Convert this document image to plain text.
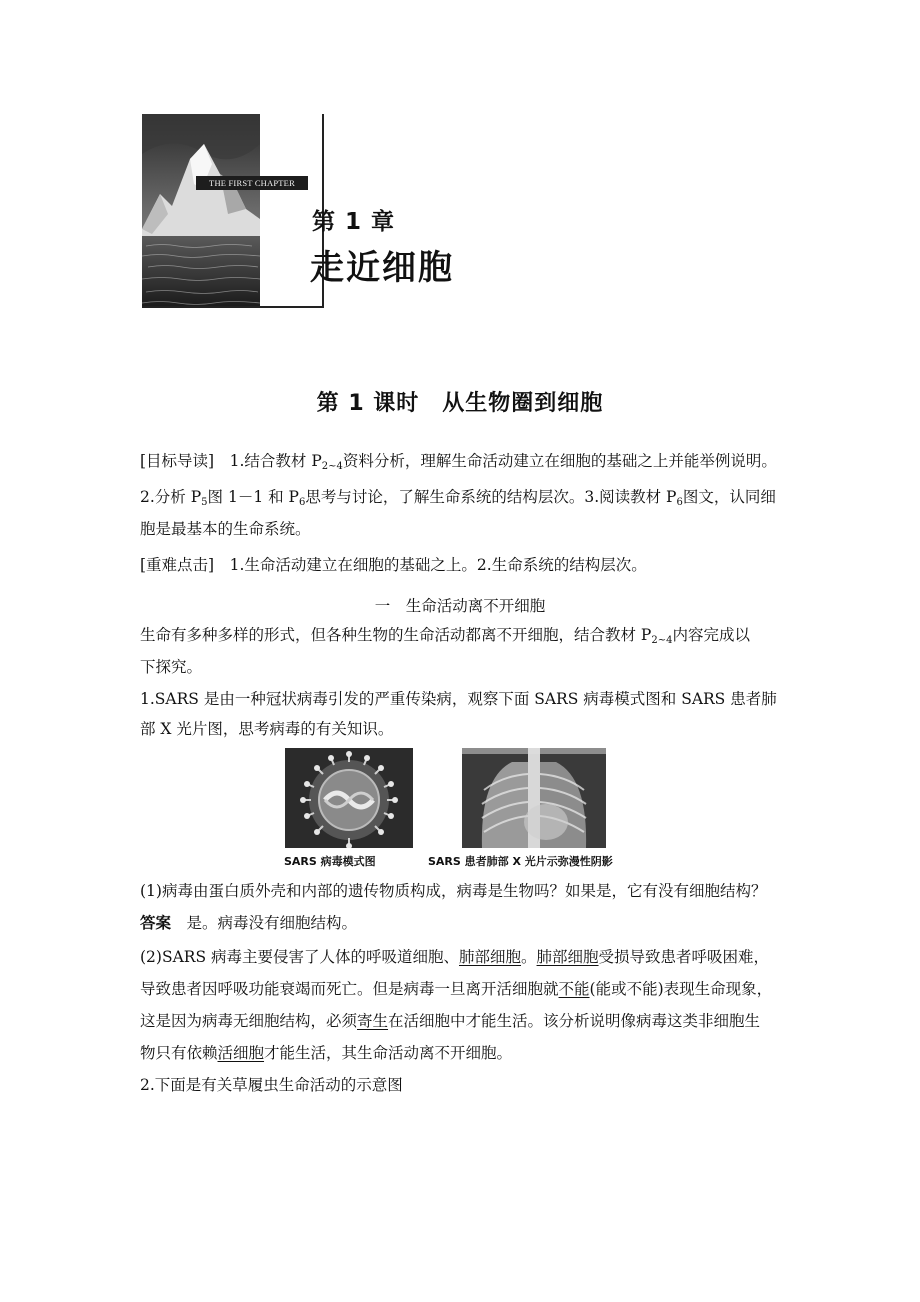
THE FIRST CHAPTER
第 1 章
走近细胞
第 1 课时　从生物圈到细胞
[目标导读]　1.结合教材 $P_{2\sim 4}$资料分析，理解生命活动建立在细胞的基础之上并能举例说明。
2.分析 $P_5$图 1－1 和 $P_6$思考与讨论，了解生命系统的结构层次。3.阅读教材 $P_6$图文，认同细
胞是最基本的生命系统。
[重难点击]　1.生命活动建立在细胞的基础之上。2.生命系统的结构层次。
一　生命活动离不开细胞
生命有多种多样的形式，但各种生物的生命活动都离不开细胞，结合教材 $P_{2\sim 4}$内容完成以
下探究。
1.SARS 是由一种冠状病毒引发的严重传染病，观察下面 SARS 病毒模式图和 SARS 患者肺
部 X 光片图，思考病毒的有关知识。
SARS 病毒模式图	SARS 患者肺部 X 光片示弥漫性阴影
(1)病毒由蛋白质外壳和内部的遗传物质构成，病毒是生物吗？如果是，它有没有细胞结构？
答案　是。病毒没有细胞结构。
(2)SARS 病毒主要侵害了人体的呼吸道细胞、肺部细胞。肺部细胞受损导致患者呼吸困难，
导致患者因呼吸功能衰竭而死亡。但是病毒一旦离开活细胞就不能(能或不能)表现生命现象，
这是因为病毒无细胞结构，必须寄生在活细胞中才能生活。该分析说明像病毒这类非细胞生
物只有依赖活细胞才能生活，其生命活动离不开细胞。
2.下面是有关草履虫生命活动的示意图
